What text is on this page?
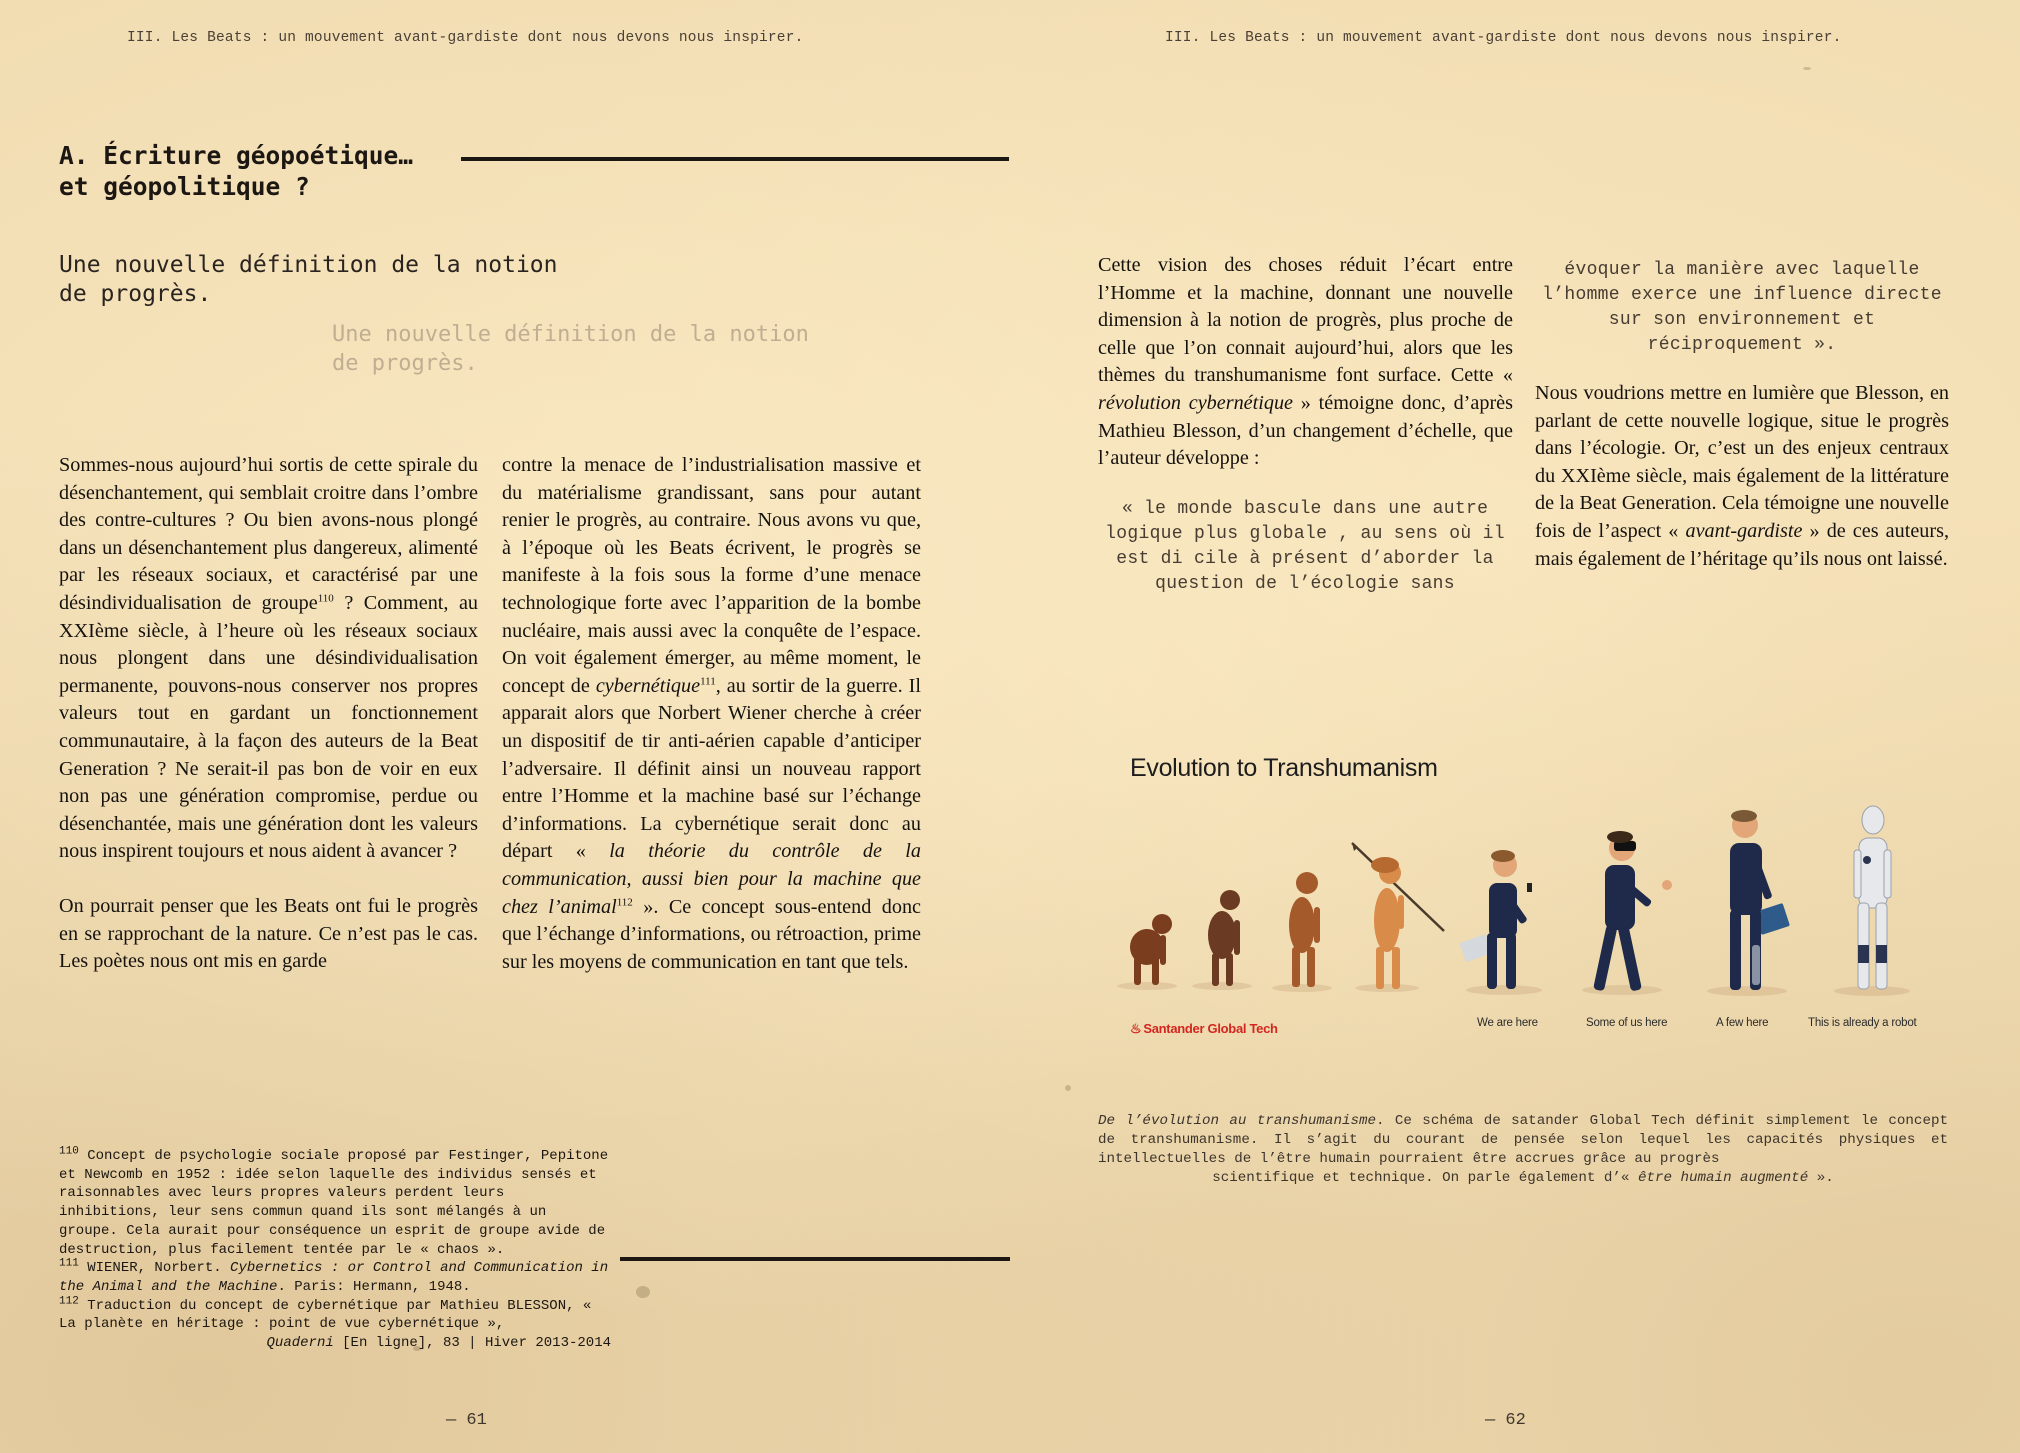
III. Les Beats : un mouvement avant-gardiste dont nous devons nous inspirer.	III. Les Beats : un mouvement avant-gardiste dont nous devons nous inspirer.
A. Écriture géopoétique…
et géopolitique ?
Une nouvelle définition de la notion
de progrès.
Une nouvelle définition de la notion
de progrès.

Sommes-nous aujourd’hui sortis de cette spirale du désenchantement, qui semblait croitre dans l’ombre des contre-cultures ? Ou bien avons-nous plongé dans un désenchantement plus dangereux, alimenté par les réseaux sociaux, et caractérisé par une désindividualisation de groupe$^{110}$ ? Comment, au XXIème siècle, à l’heure où les réseaux sociaux nous plongent dans une désindividualisation permanente, pouvons-nous conserver nos propres valeurs tout en gardant un fonctionnement communautaire, à la façon des auteurs de la Beat Generation ? Ne serait-il pas bon de voir en eux non pas une génération compromise, perdue ou désenchantée, mais une génération dont les valeurs nous inspirent toujours et nous aident à avancer ?

On pourrait penser que les Beats ont fui le progrès en se rapprochant de la nature. Ce n’est pas le cas. Les poètes nous ont mis en garde

contre la menace de l’industrialisation massive et du matérialisme grandissant, sans pour autant renier le progrès, au contraire. Nous avons vu que, à l’époque où les Beats écrivent, le progrès se manifeste à la fois sous la forme d’une menace technologique forte avec l’apparition de la bombe nucléaire, mais aussi avec la conquête de l’espace. On voit également émerger, au même moment, le concept de cybernétique$^{111}$, au sortir de la guerre. Il apparait alors que Norbert Wiener cherche à créer un dispositif de tir anti-aérien capable d’anticiper l’adversaire. Il définit ainsi un nouveau rapport entre l’Homme et la machine basé sur l’échange d’informations. La cybernétique serait donc au départ « la théorie du contrôle de la communication, aussi bien pour la machine que chez l’animal$^{112}$ ». Ce concept sous-entend donc que l’échange d’informations, ou rétroaction, prime sur les moyens de communication en tant que tels.

$^{110}$ Concept de psychologie sociale proposé par Festinger, Pepitone et Newcomb en 1952 : idée selon laquelle des individus sensés et raisonnables avec leurs propres valeurs perdent leurs inhibitions, leur sens commun quand ils sont mélangés à un groupe. Cela aurait pour conséquence un esprit de groupe avide de destruction, plus facilement tentée par le « chaos ».
$^{111}$ WIENER, Norbert. Cybernetics : or Control and Communication in the Animal and the Machine. Paris: Hermann, 1948.
$^{112}$ Traduction du concept de cybernétique par Mathieu BLESSON, « La planète en héritage : point de vue cybernétique »,
Quaderni [En ligne], 83 | Hiver 2013-2014
— 61

Cette vision des choses réduit l’écart entre l’Homme et la machine, donnant une nouvelle dimension à la notion de progrès, plus proche de celle que l’on connait aujourd’hui, alors que les thèmes du transhumanisme font surface. Cette « révolution cybernétique » témoigne donc, d’après Mathieu Blesson, d’un changement d’échelle, que l’auteur développe :

« le monde bascule dans une autre logique plus globale , au sens où il est di cile à présent d’aborder la question de l’écologie sans
évoquer la manière avec laquelle l’homme exerce une influence directe sur son environnement et réciproquement ».

Nous voudrions mettre en lumière que Blesson, en parlant de cette nouvelle logique, situe le progrès dans l’écologie. Or, c’est un des enjeux centraux du XXIème siècle, mais également de la littérature de la Beat Generation. Cela témoigne une nouvelle fois de l’aspect « avant-gardiste » de ces auteurs, mais également de l’héritage qu’ils nous ont laissé.

Evolution to Transhumanism
♨ Santander Global Tech	We are here	Some of us here	A few here	This is already a robot
De l’évolution au transhumanisme. Ce schéma de satander Global Tech définit simplement le concept de transhumanisme. Il s’agit du courant de pensée selon lequel les capacités physiques et intellectuelles de l’être humain pourraient être accrues grâce au progrès
scientifique et technique. On parle également d’« être humain augmenté ».
— 62
